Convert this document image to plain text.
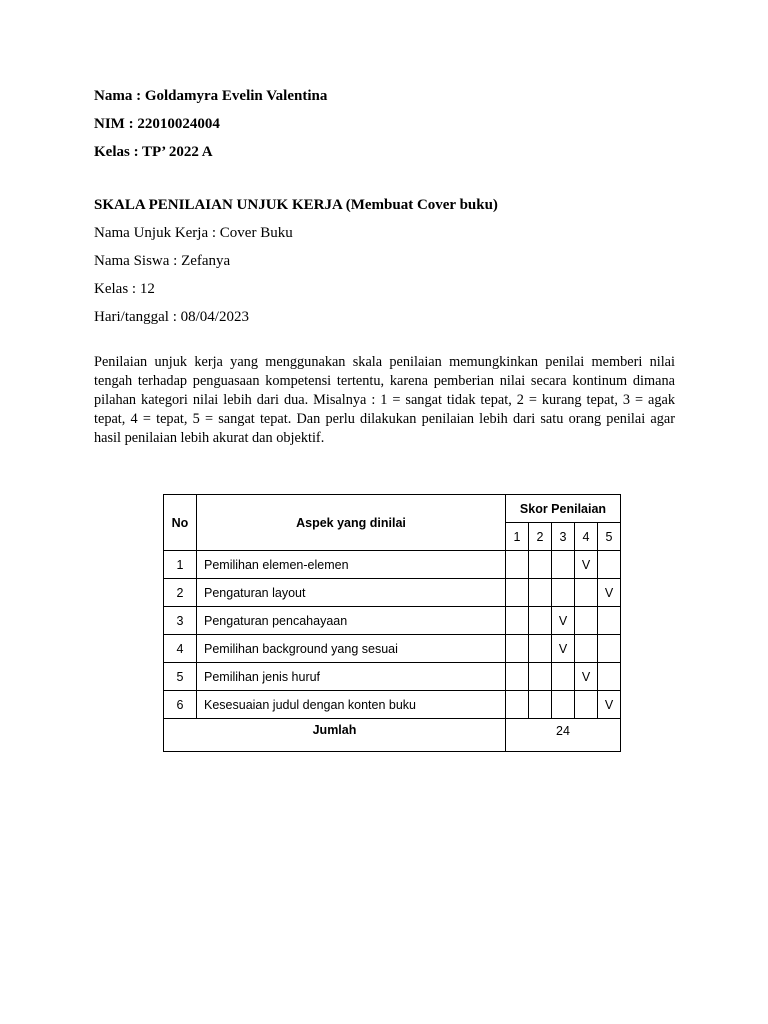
Nama : Goldamyra Evelin Valentina
NIM : 22010024004
Kelas : TP’ 2022 A
SKALA PENILAIAN UNJUK KERJA (Membuat Cover buku)
Nama Unjuk Kerja : Cover Buku
Nama Siswa : Zefanya
Kelas : 12
Hari/tanggal : 08/04/2023
Penilaian unjuk kerja yang menggunakan skala penilaian memungkinkan penilai memberi nilai tengah terhadap penguasaan kompetensi tertentu, karena pemberian nilai secara kontinum dimana pilahan kategori nilai lebih dari dua. Misalnya : 1 = sangat tidak tepat, 2 = kurang tepat, 3 = agak tepat, 4 = tepat, 5 = sangat tepat. Dan perlu dilakukan penilaian lebih dari satu orang penilai agar hasil penilaian lebih akurat dan objektif.
No	Aspek yang dinilai	Skor Penilaian				
		1	2	3	4	5
1	Pemilihan elemen-elemen				V	
2	Pengaturan layout					V
3	Pengaturan pencahayaan			V		
4	Pemilihan background yang sesuai			V		
5	Pemilihan jenis huruf				V	
6	Kesesuaian judul dengan konten buku					V
Jumlah		24				
